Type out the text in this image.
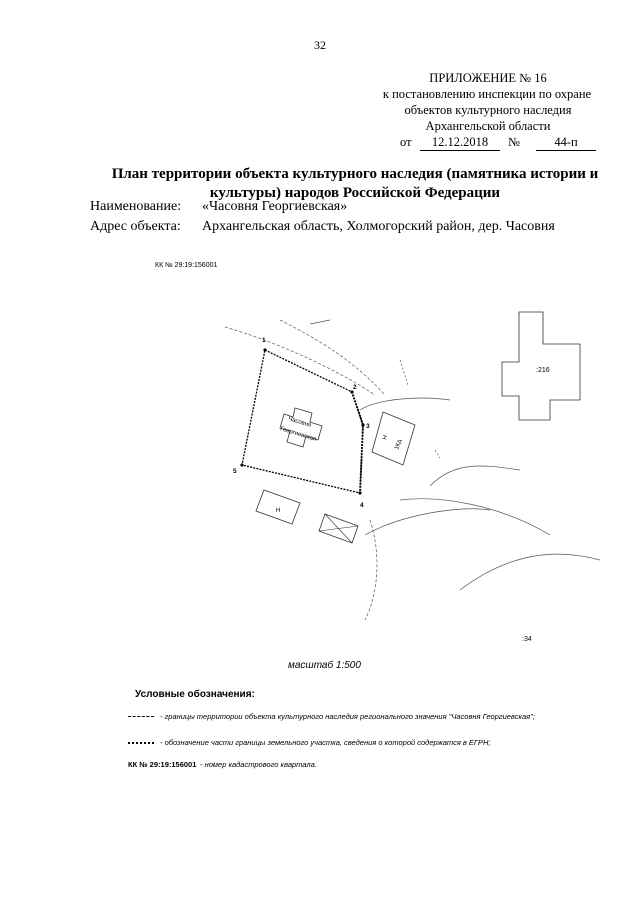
32
ПРИЛОЖЕНИЕ № 16
к постановлению инспекции по охране
объектов культурного наследия
Архангельской области
от	12.12.2018	№	44-п
План территории объекта культурного наследия (памятника истории и культуры) народов Российской Федерации
Наименование: «Часовня Георгиевская»
Адрес объекта: Архангельская область, Холмогорский район, дер. Часовня
КК № 29:19:156001
:216
Н
1Кд
Часовня
Георгиевская
Н
1
2
3
4
5
:34
масштаб 1:500
Условные обозначения:
- границы территории объекта культурного наследия регионального значения "Часовня Георгиевская";
- обозначение части границы земельного участка, сведения о которой содержатся в ЕГРН;
КК № 29:19:156001 - номер кадастрового квартала.
